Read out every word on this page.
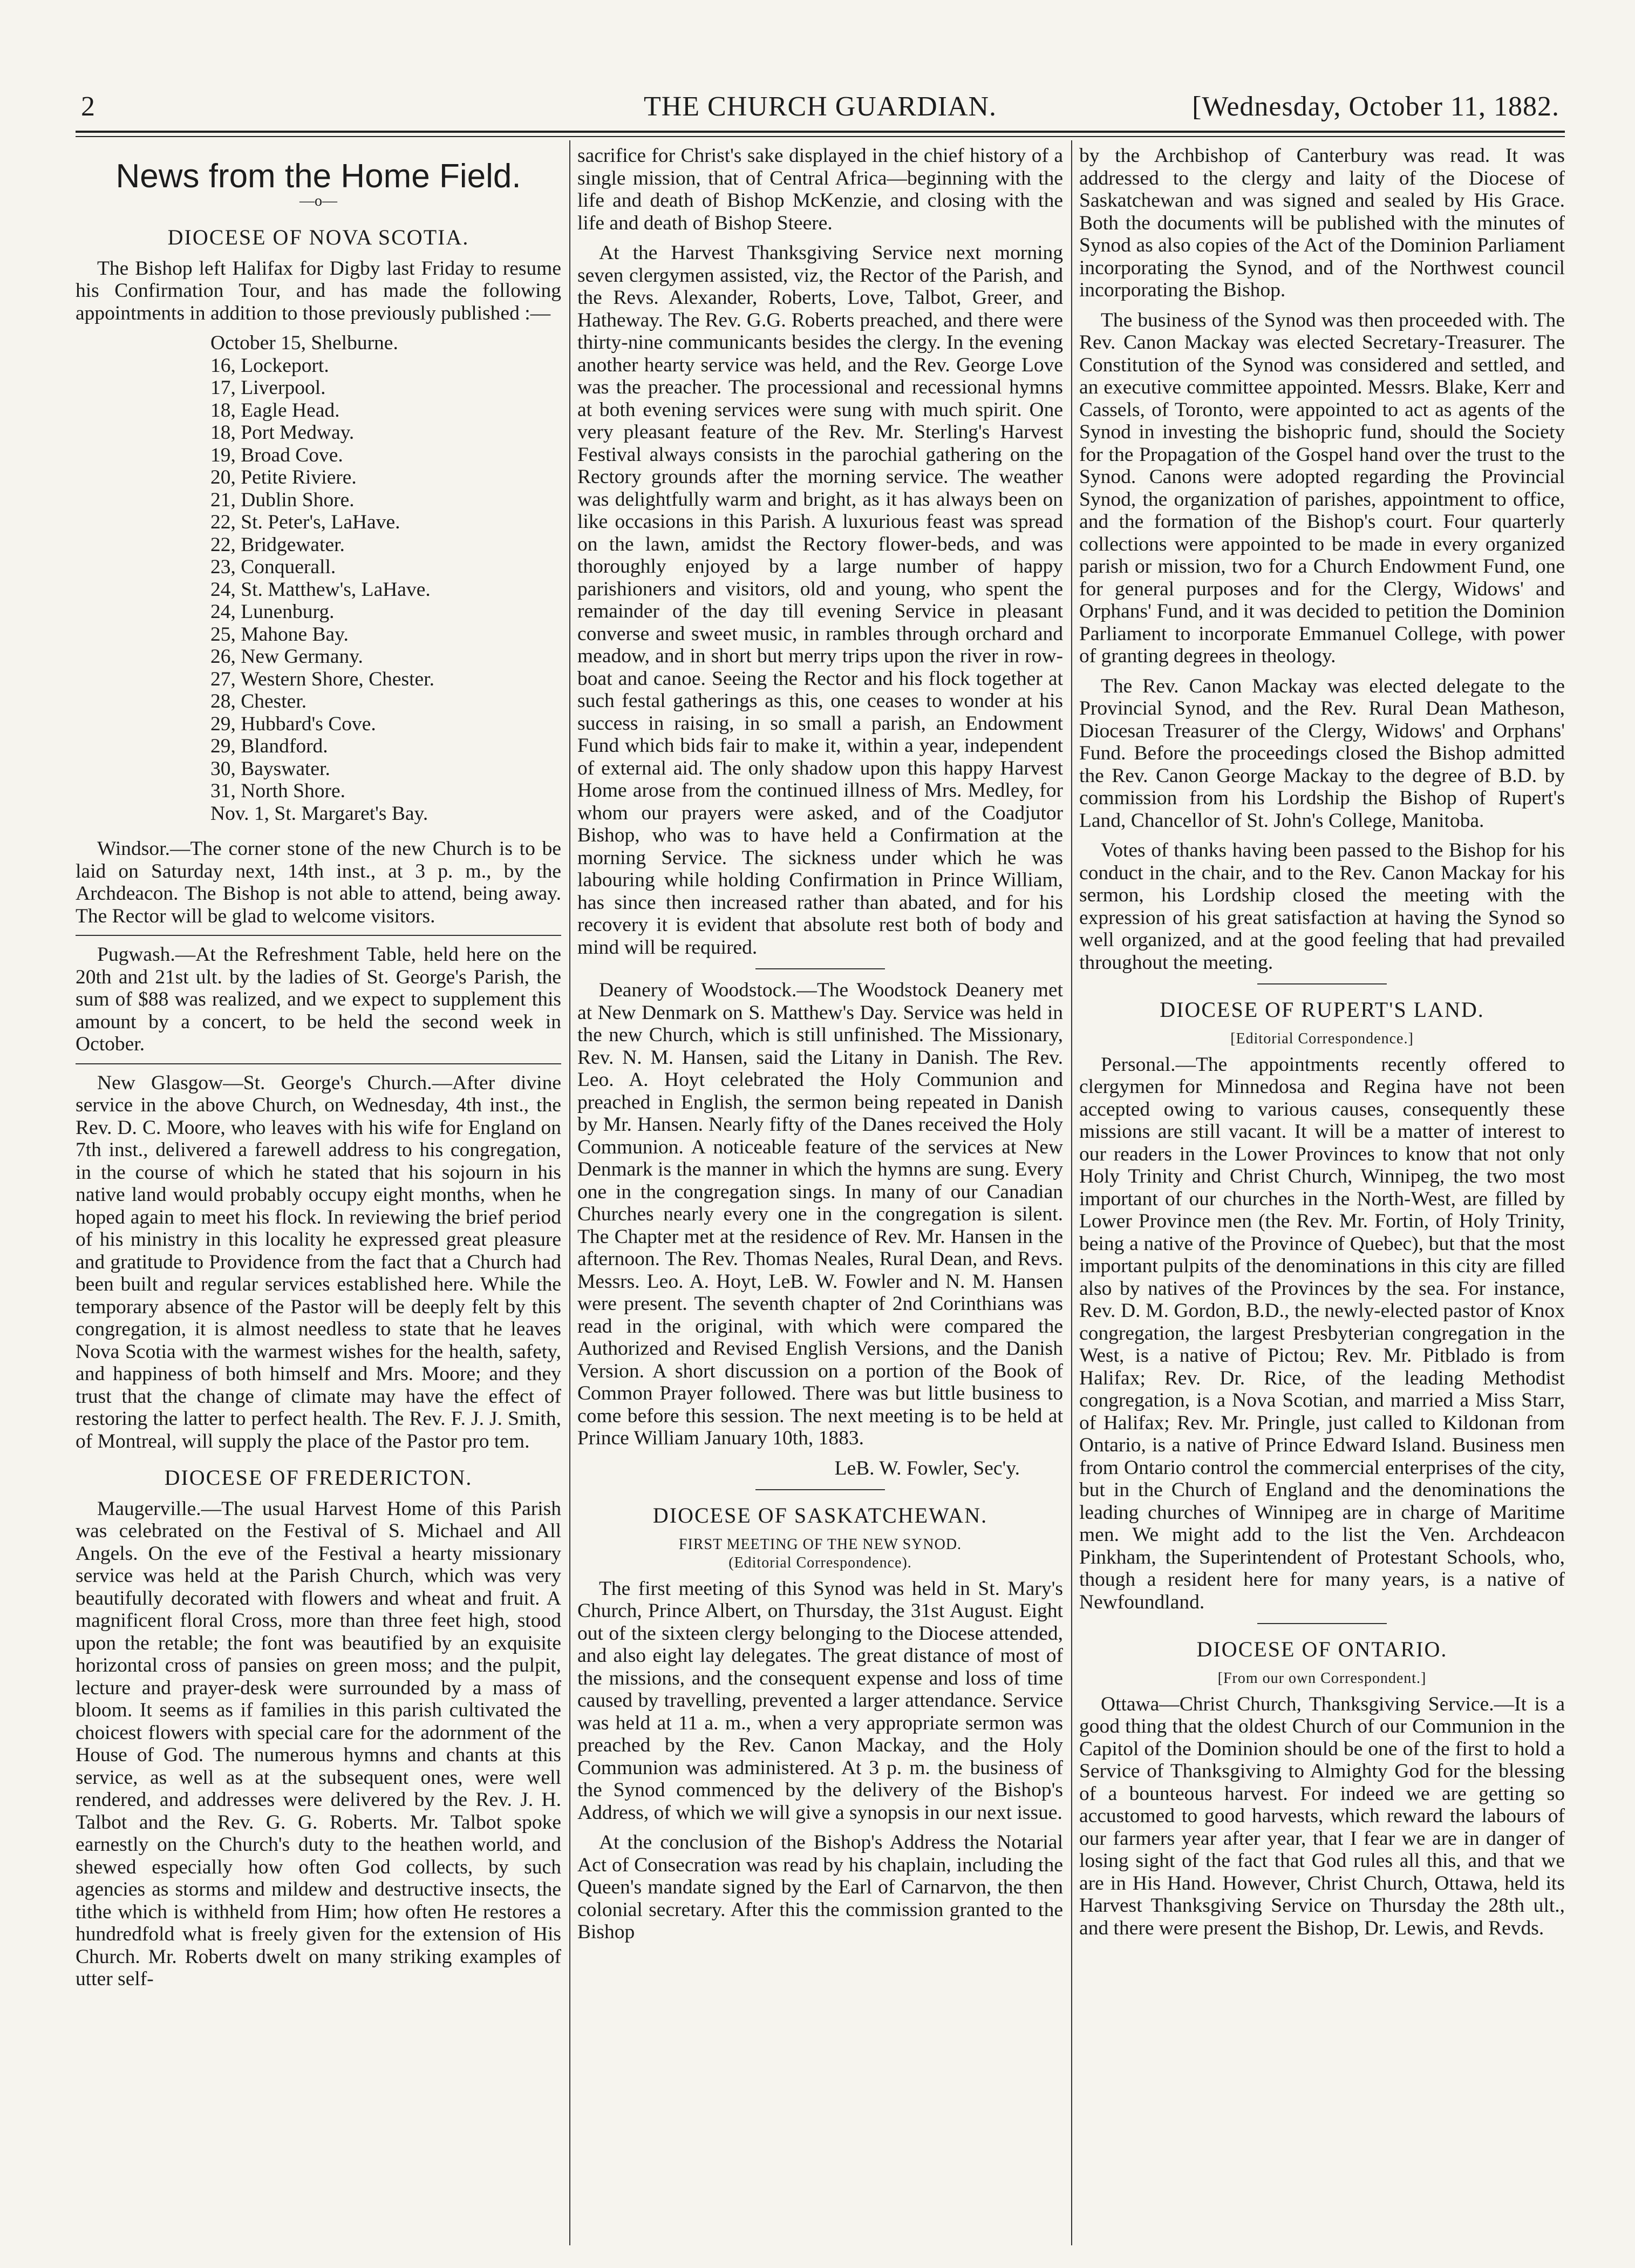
2	THE CHURCH GUARDIAN.	[Wednesday, October 11, 1882.
News from the Home Field.
—o—
DIOCESE OF NOVA SCOTIA.

The Bishop left Halifax for Digby last Friday to resume his Confirmation Tour, and has made the following appointments in addition to those previously published :—

October 15, Shelburne.
16, Lockeport.
17, Liverpool.
18, Eagle Head.
18, Port Medway.
19, Broad Cove.
20, Petite Riviere.
21, Dublin Shore.
22, St. Peter's, LaHave.
22, Bridgewater.
23, Conquerall.
24, St. Matthew's, LaHave.
24, Lunenburg.
25, Mahone Bay.
26, New Germany.
27, Western Shore, Chester.
28, Chester.
29, Hubbard's Cove.
29, Blandford.
30, Bayswater.
31, North Shore.
Nov. 1, St. Margaret's Bay.

Windsor.—The corner stone of the new Church is to be laid on Saturday next, 14th inst., at 3 p. m., by the Archdeacon. The Bishop is not able to attend, being away. The Rector will be glad to welcome visitors.

Pugwash.—At the Refreshment Table, held here on the 20th and 21st ult. by the ladies of St. George's Parish, the sum of $88 was realized, and we expect to supplement this amount by a concert, to be held the second week in October.

New Glasgow—St. George's Church.—After divine service in the above Church, on Wednesday, 4th inst., the Rev. D. C. Moore, who leaves with his wife for England on 7th inst., delivered a farewell address to his congregation, in the course of which he stated that his sojourn in his native land would probably occupy eight months, when he hoped again to meet his flock. In reviewing the brief period of his ministry in this locality he expressed great pleasure and gratitude to Providence from the fact that a Church had been built and regular services established here. While the temporary absence of the Pastor will be deeply felt by this congregation, it is almost needless to state that he leaves Nova Scotia with the warmest wishes for the health, safety, and happiness of both himself and Mrs. Moore; and they trust that the change of climate may have the effect of restoring the latter to perfect health. The Rev. F. J. J. Smith, of Montreal, will supply the place of the Pastor pro tem.

DIOCESE OF FREDERICTON.

Maugerville.—The usual Harvest Home of this Parish was celebrated on the Festival of S. Michael and All Angels. On the eve of the Festival a hearty missionary service was held at the Parish Church, which was very beautifully decorated with flowers and wheat and fruit. A magnificent floral Cross, more than three feet high, stood upon the retable; the font was beautified by an exquisite horizontal cross of pansies on green moss; and the pulpit, lecture and prayer-desk were surrounded by a mass of bloom. It seems as if families in this parish cultivated the choicest flowers with special care for the adornment of the House of God. The numerous hymns and chants at this service, as well as at the subsequent ones, were well rendered, and addresses were delivered by the Rev. J. H. Talbot and the Rev. G. G. Roberts. Mr. Talbot spoke earnestly on the Church's duty to the heathen world, and shewed especially how often God collects, by such agencies as storms and mildew and destructive insects, the tithe which is withheld from Him; how often He restores a hundredfold what is freely given for the extension of His Church. Mr. Roberts dwelt on many striking examples of utter self-

sacrifice for Christ's sake displayed in the chief history of a single mission, that of Central Africa—beginning with the life and death of Bishop McKenzie, and closing with the life and death of Bishop Steere.

At the Harvest Thanksgiving Service next morning seven clergymen assisted, viz, the Rector of the Parish, and the Revs. Alexander, Roberts, Love, Talbot, Greer, and Hatheway. The Rev. G.G. Roberts preached, and there were thirty-nine communicants besides the clergy. In the evening another hearty service was held, and the Rev. George Love was the preacher. The processional and recessional hymns at both evening services were sung with much spirit. One very pleasant feature of the Rev. Mr. Sterling's Harvest Festival always consists in the parochial gathering on the Rectory grounds after the morning service. The weather was delightfully warm and bright, as it has always been on like occasions in this Parish. A luxurious feast was spread on the lawn, amidst the Rectory flower-beds, and was thoroughly enjoyed by a large number of happy parishioners and visitors, old and young, who spent the remainder of the day till evening Service in pleasant converse and sweet music, in rambles through orchard and meadow, and in short but merry trips upon the river in row-boat and canoe. Seeing the Rector and his flock together at such festal gatherings as this, one ceases to wonder at his success in raising, in so small a parish, an Endowment Fund which bids fair to make it, within a year, independent of external aid. The only shadow upon this happy Harvest Home arose from the continued illness of Mrs. Medley, for whom our prayers were asked, and of the Coadjutor Bishop, who was to have held a Confirmation at the morning Service. The sickness under which he was labouring while holding Confirmation in Prince William, has since then increased rather than abated, and for his recovery it is evident that absolute rest both of body and mind will be required.

Deanery of Woodstock.—The Woodstock Deanery met at New Denmark on S. Matthew's Day. Service was held in the new Church, which is still unfinished. The Missionary, Rev. N. M. Hansen, said the Litany in Danish. The Rev. Leo. A. Hoyt celebrated the Holy Communion and preached in English, the sermon being repeated in Danish by Mr. Hansen. Nearly fifty of the Danes received the Holy Communion. A noticeable feature of the services at New Denmark is the manner in which the hymns are sung. Every one in the congregation sings. In many of our Canadian Churches nearly every one in the congregation is silent. The Chapter met at the residence of Rev. Mr. Hansen in the afternoon. The Rev. Thomas Neales, Rural Dean, and Revs. Messrs. Leo. A. Hoyt, LeB. W. Fowler and N. M. Hansen were present. The seventh chapter of 2nd Corinthians was read in the original, with which were compared the Authorized and Revised English Versions, and the Danish Version. A short discussion on a portion of the Book of Common Prayer followed. There was but little business to come before this session. The next meeting is to be held at Prince William January 10th, 1883.

LeB. W. Fowler, Sec'y.
DIOCESE OF SASKATCHEWAN.
FIRST MEETING OF THE NEW SYNOD.
(Editorial Correspondence).

The first meeting of this Synod was held in St. Mary's Church, Prince Albert, on Thursday, the 31st August. Eight out of the sixteen clergy belonging to the Diocese attended, and also eight lay delegates. The great distance of most of the missions, and the consequent expense and loss of time caused by travelling, prevented a larger attendance. Service was held at 11 a. m., when a very appropriate sermon was preached by the Rev. Canon Mackay, and the Holy Communion was administered. At 3 p. m. the business of the Synod commenced by the delivery of the Bishop's Address, of which we will give a synopsis in our next issue.

At the conclusion of the Bishop's Address the Notarial Act of Consecration was read by his chaplain, including the Queen's mandate signed by the Earl of Carnarvon, the then colonial secretary. After this the commission granted to the Bishop

by the Archbishop of Canterbury was read. It was addressed to the clergy and laity of the Diocese of Saskatchewan and was signed and sealed by His Grace. Both the documents will be published with the minutes of Synod as also copies of the Act of the Dominion Parliament incorporating the Synod, and of the Northwest council incorporating the Bishop.

The business of the Synod was then proceeded with. The Rev. Canon Mackay was elected Secretary-Treasurer. The Constitution of the Synod was considered and settled, and an executive committee appointed. Messrs. Blake, Kerr and Cassels, of Toronto, were appointed to act as agents of the Synod in investing the bishopric fund, should the Society for the Propagation of the Gospel hand over the trust to the Synod. Canons were adopted regarding the Provincial Synod, the organization of parishes, appointment to office, and the formation of the Bishop's court. Four quarterly collections were appointed to be made in every organized parish or mission, two for a Church Endowment Fund, one for general purposes and for the Clergy, Widows' and Orphans' Fund, and it was decided to petition the Dominion Parliament to incorporate Emmanuel College, with power of granting degrees in theology.

The Rev. Canon Mackay was elected delegate to the Provincial Synod, and the Rev. Rural Dean Matheson, Diocesan Treasurer of the Clergy, Widows' and Orphans' Fund. Before the proceedings closed the Bishop admitted the Rev. Canon George Mackay to the degree of B.D. by commission from his Lordship the Bishop of Rupert's Land, Chancellor of St. John's College, Manitoba.

Votes of thanks having been passed to the Bishop for his conduct in the chair, and to the Rev. Canon Mackay for his sermon, his Lordship closed the meeting with the expression of his great satisfaction at having the Synod so well organized, and at the good feeling that had prevailed throughout the meeting.

DIOCESE OF RUPERT'S LAND.
[Editorial Correspondence.]

Personal.—The appointments recently offered to clergymen for Minnedosa and Regina have not been accepted owing to various causes, consequently these missions are still vacant. It will be a matter of interest to our readers in the Lower Provinces to know that not only Holy Trinity and Christ Church, Winnipeg, the two most important of our churches in the North-West, are filled by Lower Province men (the Rev. Mr. Fortin, of Holy Trinity, being a native of the Province of Quebec), but that the most important pulpits of the denominations in this city are filled also by natives of the Provinces by the sea. For instance, Rev. D. M. Gordon, B.D., the newly-elected pastor of Knox congregation, the largest Presbyterian congregation in the West, is a native of Pictou; Rev. Mr. Pitblado is from Halifax; Rev. Dr. Rice, of the leading Methodist congregation, is a Nova Scotian, and married a Miss Starr, of Halifax; Rev. Mr. Pringle, just called to Kildonan from Ontario, is a native of Prince Edward Island. Business men from Ontario control the commercial enterprises of the city, but in the Church of England and the denominations the leading churches of Winnipeg are in charge of Maritime men. We might add to the list the Ven. Archdeacon Pinkham, the Superintendent of Protestant Schools, who, though a resident here for many years, is a native of Newfoundland.

DIOCESE OF ONTARIO.
[From our own Correspondent.]

Ottawa—Christ Church, Thanksgiving Service.—It is a good thing that the oldest Church of our Communion in the Capitol of the Dominion should be one of the first to hold a Service of Thanksgiving to Almighty God for the blessing of a bounteous harvest. For indeed we are getting so accustomed to good harvests, which reward the labours of our farmers year after year, that I fear we are in danger of losing sight of the fact that God rules all this, and that we are in His Hand. However, Christ Church, Ottawa, held its Harvest Thanksgiving Service on Thursday the 28th ult., and there were present the Bishop, Dr. Lewis, and Revds.
